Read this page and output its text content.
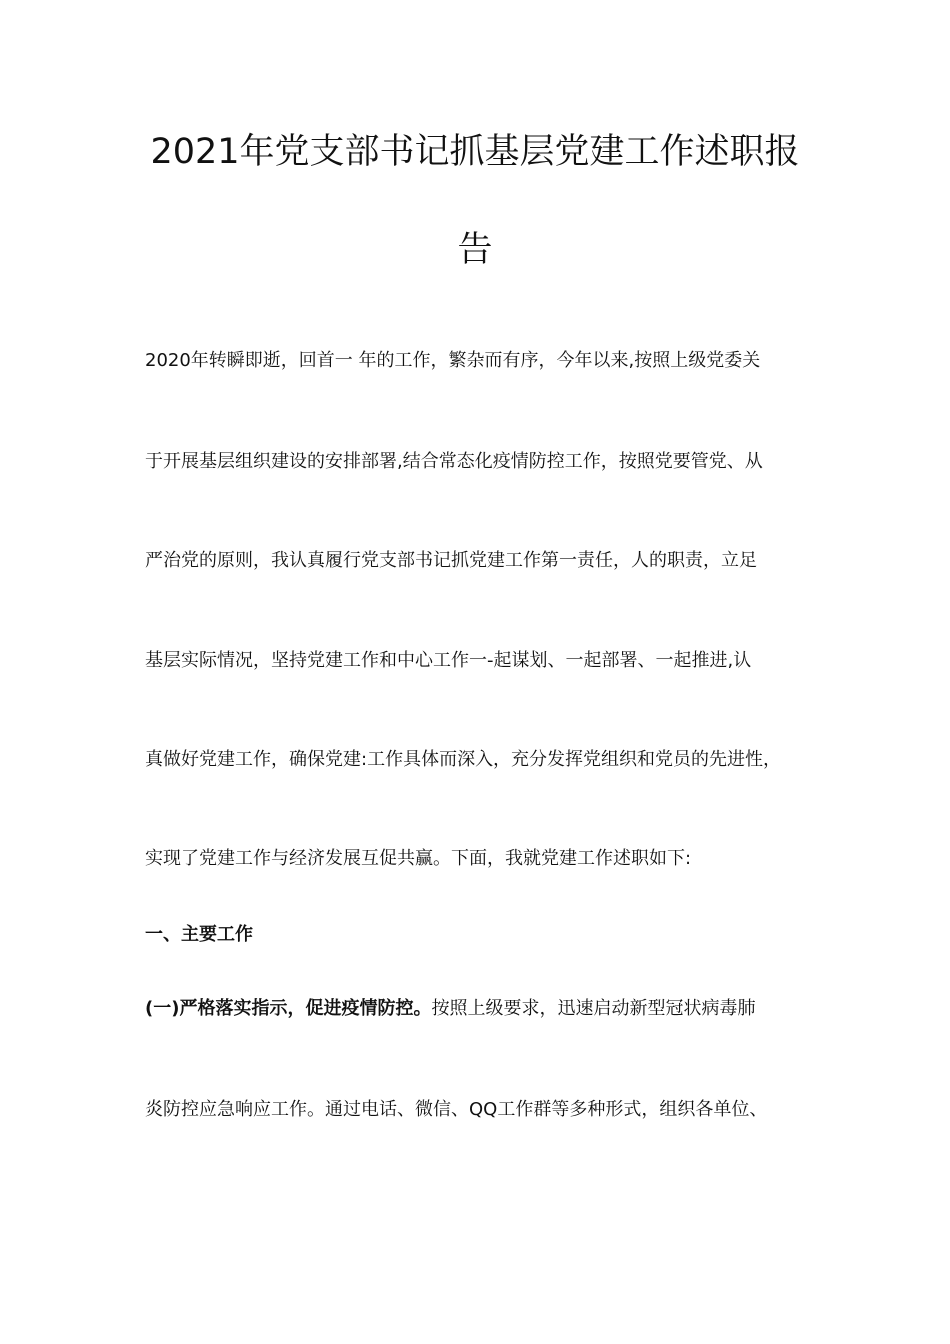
2021年党支部书记抓基层党建工作述职报
告

2020年转瞬即逝，回首一 年的工作，繁杂而有序，今年以来,按照上级党委关

于开展基层组织建设的安排部署,结合常态化疫情防控工作，按照党要管党、从

严治党的原则，我认真履行党支部书记抓党建工作第一责任，人的职责，立足

基层实际情况，坚持党建工作和中心工作一-起谋划、一起部署、一起推进,认

真做好党建工作，确保党建:工作具体而深入，充分发挥党组织和党员的先进性，

实现了党建工作与经济发展互促共赢。下面，我就党建工作述职如下:

一、主要工作

(一)严格落实指示，促进疫情防控。按照上级要求，迅速启动新型冠状病毒肺

炎防控应急响应工作。通过电话、微信、QQ工作群等多种形式，组织各单位、
